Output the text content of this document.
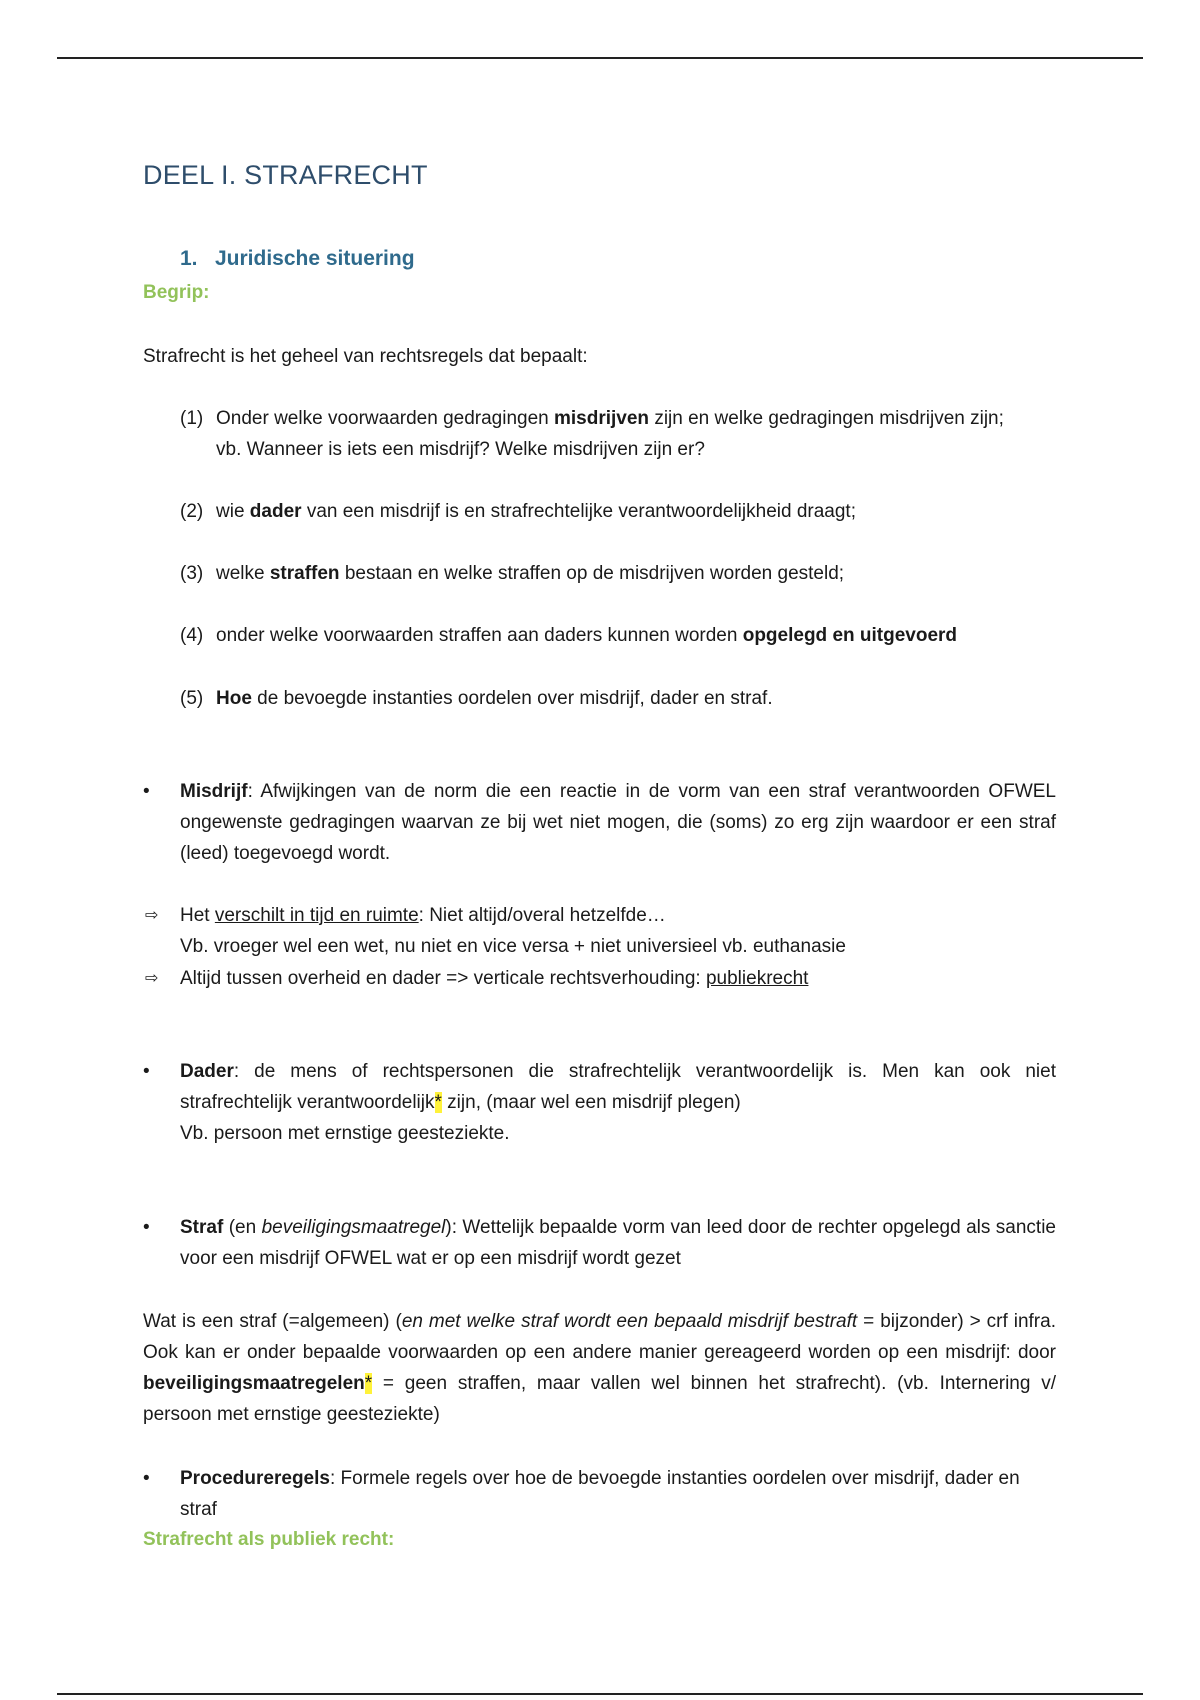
DEEL I. STRAFRECHT
1. Juridische situering
Begrip:
Strafrecht is het geheel van rechtsregels dat bepaalt:
(1) Onder welke voorwaarden gedragingen misdrijven zijn en welke gedragingen misdrijven zijn;
vb. Wanneer is iets een misdrijf? Welke misdrijven zijn er?
(2) wie dader van een misdrijf is en strafrechtelijke verantwoordelijkheid draagt;
(3) welke straffen bestaan en welke straffen op de misdrijven worden gesteld;
(4) onder welke voorwaarden straffen aan daders kunnen worden opgelegd en uitgevoerd
(5) Hoe de bevoegde instanties oordelen over misdrijf, dader en straf.
•	Misdrijf: Afwijkingen van de norm die een reactie in de vorm van een straf verantwoorden OFWEL ongewenste gedragingen waarvan ze bij wet niet mogen, die (soms) zo erg zijn waardoor er een straf (leed) toegevoegd wordt.
⇨ Het verschilt in tijd en ruimte: Niet altijd/overal hetzelfde…
Vb. vroeger wel een wet, nu niet en vice versa + niet universieel vb. euthanasie
⇨ Altijd tussen overheid en dader => verticale rechtsverhouding: publiekrecht
•	Dader: de mens of rechtspersonen die strafrechtelijk verantwoordelijk is. Men kan ook niet strafrechtelijk verantwoordelijk* zijn, (maar wel een misdrijf plegen)
Vb. persoon met ernstige geesteziekte.
•	Straf (en beveiligingsmaatregel): Wettelijk bepaalde vorm van leed door de rechter opgelegd als sanctie voor een misdrijf OFWEL wat er op een misdrijf wordt gezet
Wat is een straf (=algemeen) (en met welke straf wordt een bepaald misdrijf bestraft = bijzonder) > crf infra. Ook kan er onder bepaalde voorwaarden op een andere manier gereageerd worden op een misdrijf: door beveiligingsmaatregelen* = geen straffen, maar vallen wel binnen het strafrecht). (vb. Internering v/ persoon met ernstige geesteziekte)
•	Procedureregels: Formele regels over hoe de bevoegde instanties oordelen over misdrijf, dader en straf
Strafrecht als publiek recht:
